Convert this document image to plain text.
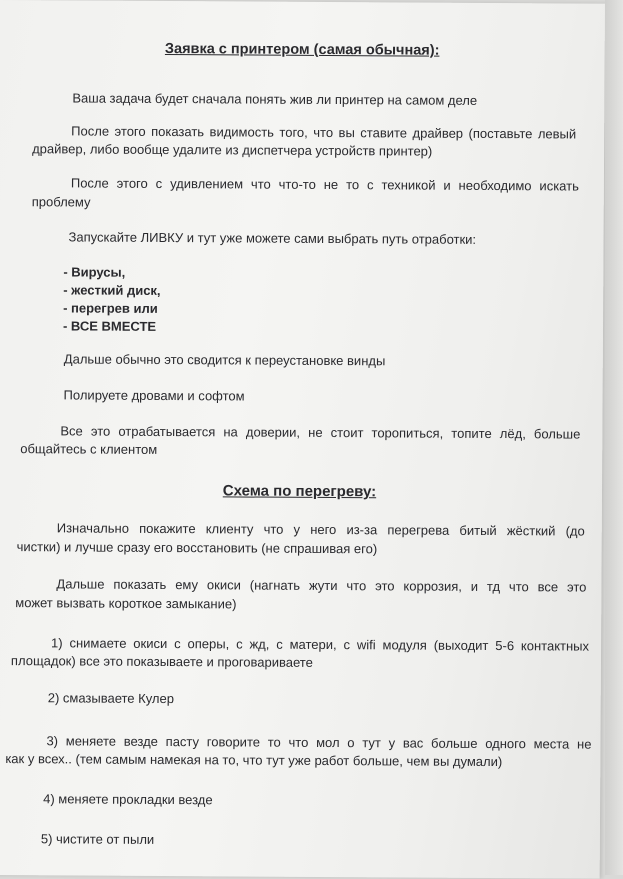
Заявка с принтером (самая обычная):
Ваша задача будет сначала понять жив ли принтер на самом деле
После этого показать видимость того, что вы ставите драйвер (поставьте левый
драйвер, либо вообще удалите из диспетчера устройств принтер)
После этого с удивлением что что-то не то с техникой и необходимо искать
проблему
Запускайте ЛИВКУ и тут уже можете сами выбрать путь отработки:
- Вирусы,
- жесткий диск,
- перегрев или
- ВСЕ ВМЕСТЕ
Дальше обычно это сводится к переустановке винды
Полируете дровами и софтом
Все это отрабатывается на доверии, не стоит торопиться, топите лёд, больше
общайтесь с клиентом
Схема по перегреву:
Изначально покажите клиенту что у него из-за перегрева битый жёсткий (до
чистки) и лучше сразу его восстановить (не спрашивая его)
Дальше показать ему окиси (нагнать жути что это коррозия, и тд что все это
может вызвать короткое замыкание)
1) снимаете окиси с оперы, с жд, с матери, с wifi модуля (выходит 5-6 контактных
площадок) все это показываете и проговариваете
2) смазываете Кулер
3) меняете везде пасту говорите то что мол о тут у вас больше одного места не
как у всех.. (тем самым намекая на то, что тут уже работ больше, чем вы думали)
4) меняете прокладки везде
5) чистите от пыли
